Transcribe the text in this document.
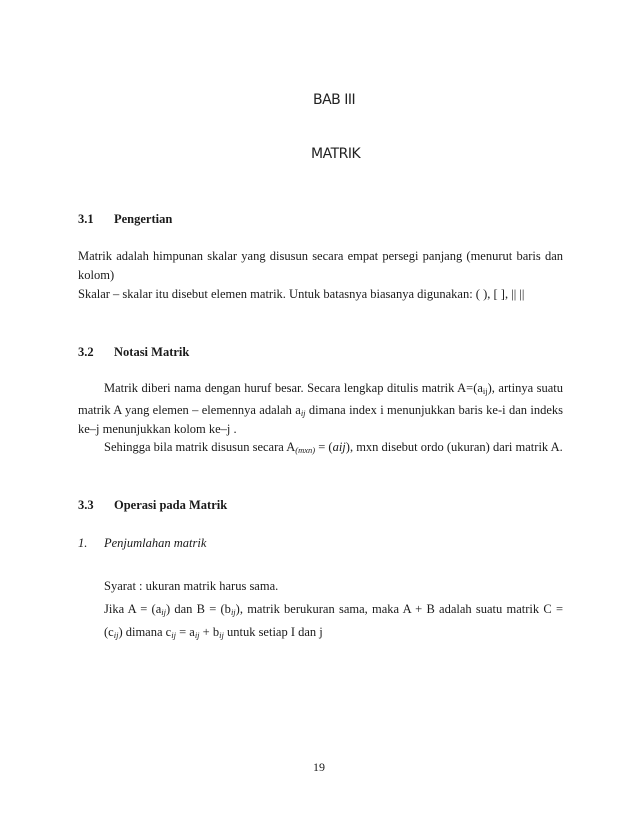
BAB III
MATRIK
3.1 Pengertian
Matrik adalah himpunan skalar yang disusun secara empat persegi panjang (menurut baris dan
kolom)
Skalar – skalar itu disebut elemen matrik. Untuk batasnya biasanya digunakan: ( ), [ ], || ||
3.2 Notasi Matrik
Matrik diberi nama dengan huruf besar. Secara lengkap ditulis matrik $A=(a_{ij})$, artinya suatu
matrik A yang elemen – elemennya adalah $a_{ij}$ dimana index i menunjukkan baris ke-i dan indeks
ke–j menunjukkan kolom ke–j .
Sehingga bila matrik disusun secara $A_{(mxn)} = (aij)$, mxn disebut ordo (ukuran) dari matrik A.
3.3 Operasi pada Matrik
1. Penjumlahan matrik
Syarat : ukuran matrik harus sama.
Jika $A = (a_{ij})$ dan $B = (b_{ij})$, matrik berukuran sama, maka A + B adalah suatu matrik C =
$(c_{ij})$ dimana $c_{ij} = a_{ij} + b_{ij}$ untuk setiap I dan j
19
